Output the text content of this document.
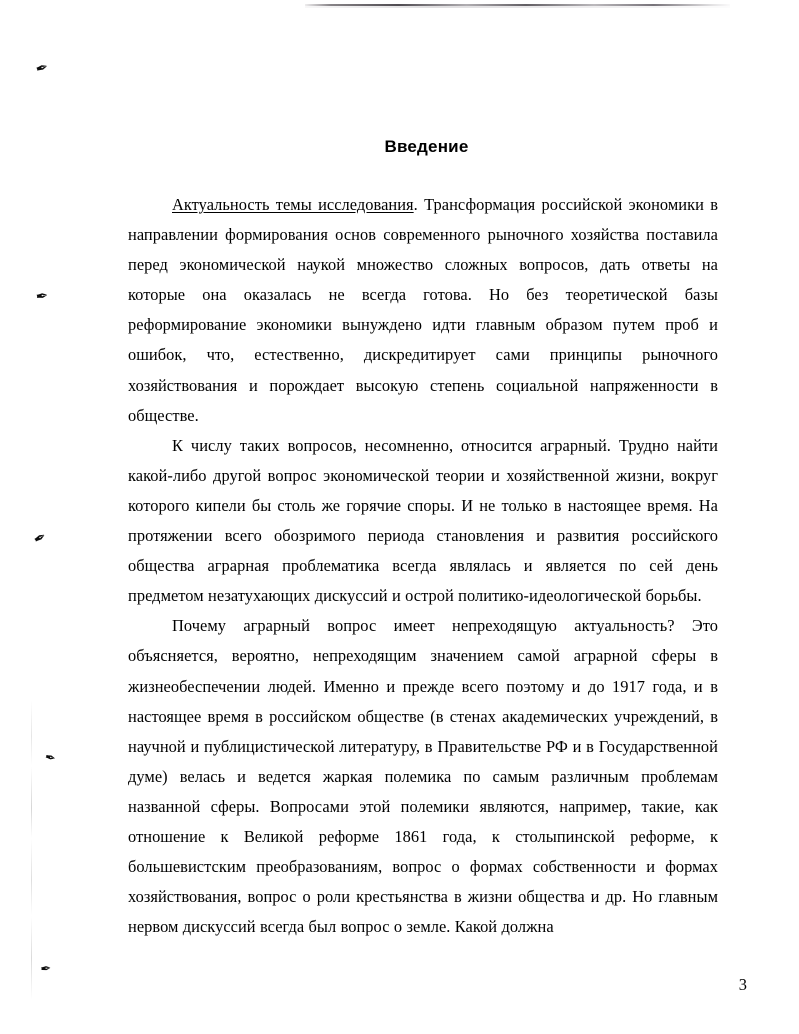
✒
✒
✒
✒
✒
Введение

Актуальность темы исследования. Трансформация российской экономики в направлении формирования основ современного рыночного хозяйства поставила перед экономической наукой множество сложных вопросов, дать ответы на которые она оказалась не всегда готова. Но без теоретической базы реформирование экономики вынуждено идти главным образом путем проб и ошибок, что, естественно, дискредитирует сами принципы рыночного хозяйствования и порождает высокую степень социальной напряженности в обществе.

К числу таких вопросов, несомненно, относится аграрный. Трудно найти какой-либо другой вопрос экономической теории и хозяйственной жизни, вокруг которого кипели бы столь же горячие споры. И не только в настоящее время. На протяжении всего обозримого периода становления и развития российского общества аграрная проблематика всегда являлась и является по сей день предметом незатухающих дискуссий и острой политико-идеологической борьбы.

Почему аграрный вопрос имеет непреходящую актуальность? Это объясняется, вероятно, непреходящим значением самой аграрной сферы в жизнеобеспечении людей. Именно и прежде всего поэтому и до 1917 года, и в настоящее время в российском обществе (в стенах академических учреждений, в научной и публицистической литературу, в Правительстве РФ и в Государственной думе) велась и ведется жаркая полемика по самым различным проблемам названной сферы. Вопросами этой полемики являются, например, такие, как отношение к Великой реформе 1861 года, к столыпинской реформе, к большевистским преобразованиям, вопрос о формах собственности и формах хозяйствования, вопрос о роли крестьянства в жизни общества и др. Но главным нервом дискуссий всегда был вопрос о земле. Какой должна

3
